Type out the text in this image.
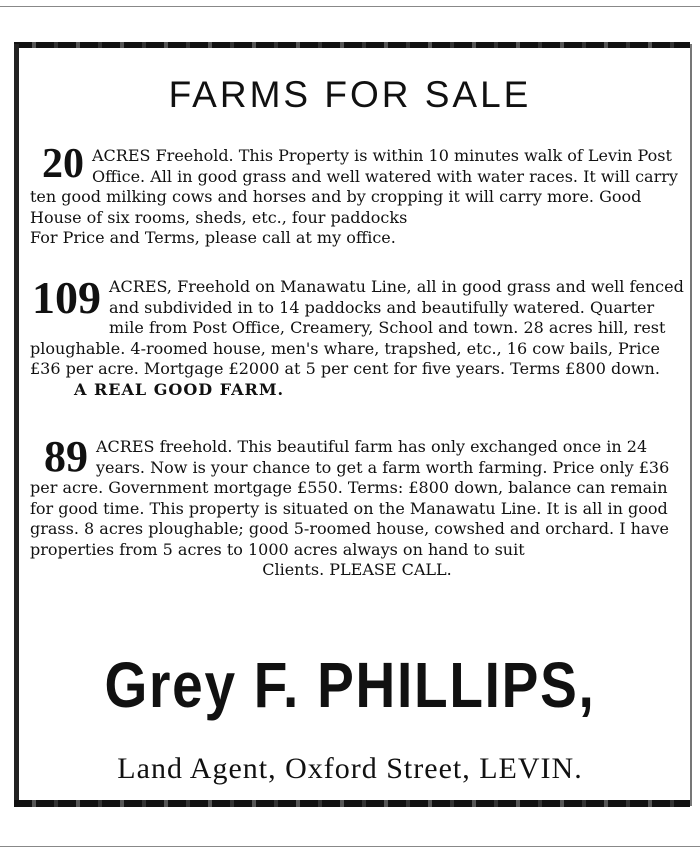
FARMS FOR SALE

20 ACRES Freehold. This Property is within 10 minutes walk of Levin Post Office. All in good grass and well watered with water races. It will carry ten good milking cows and horses and by cropping it will carry more. Good House of six rooms, sheds, etc., four paddocks

For Price and Terms, please call at my office.

109 ACRES, Freehold on Manawatu Line, all in good grass and well fenced and subdivided in to 14 paddocks and beautifully watered. Quarter mile from Post Office, Creamery, School and town. 28 acres hill, rest ploughable. 4-roomed house, men's whare, trapshed, etc., 16 cow bails, Price £36 per acre. Mortgage £2000 at 5 per cent for five years. Terms £800 down.

A REAL GOOD FARM.

89 ACRES freehold. This beautiful farm has only exchanged once in 24 years. Now is your chance to get a farm worth farming. Price only £36 per acre. Government mortgage £550. Terms: £800 down, balance can remain for good time. This property is situated on the Manawatu Line. It is all in good grass. 8 acres ploughable; good 5-roomed house, cowshed and orchard. I have properties from 5 acres to 1000 acres always on hand to suit

Clients. PLEASE CALL.

Grey F. PHILLIPS,

Land Agent, Oxford Street, LEVIN.
